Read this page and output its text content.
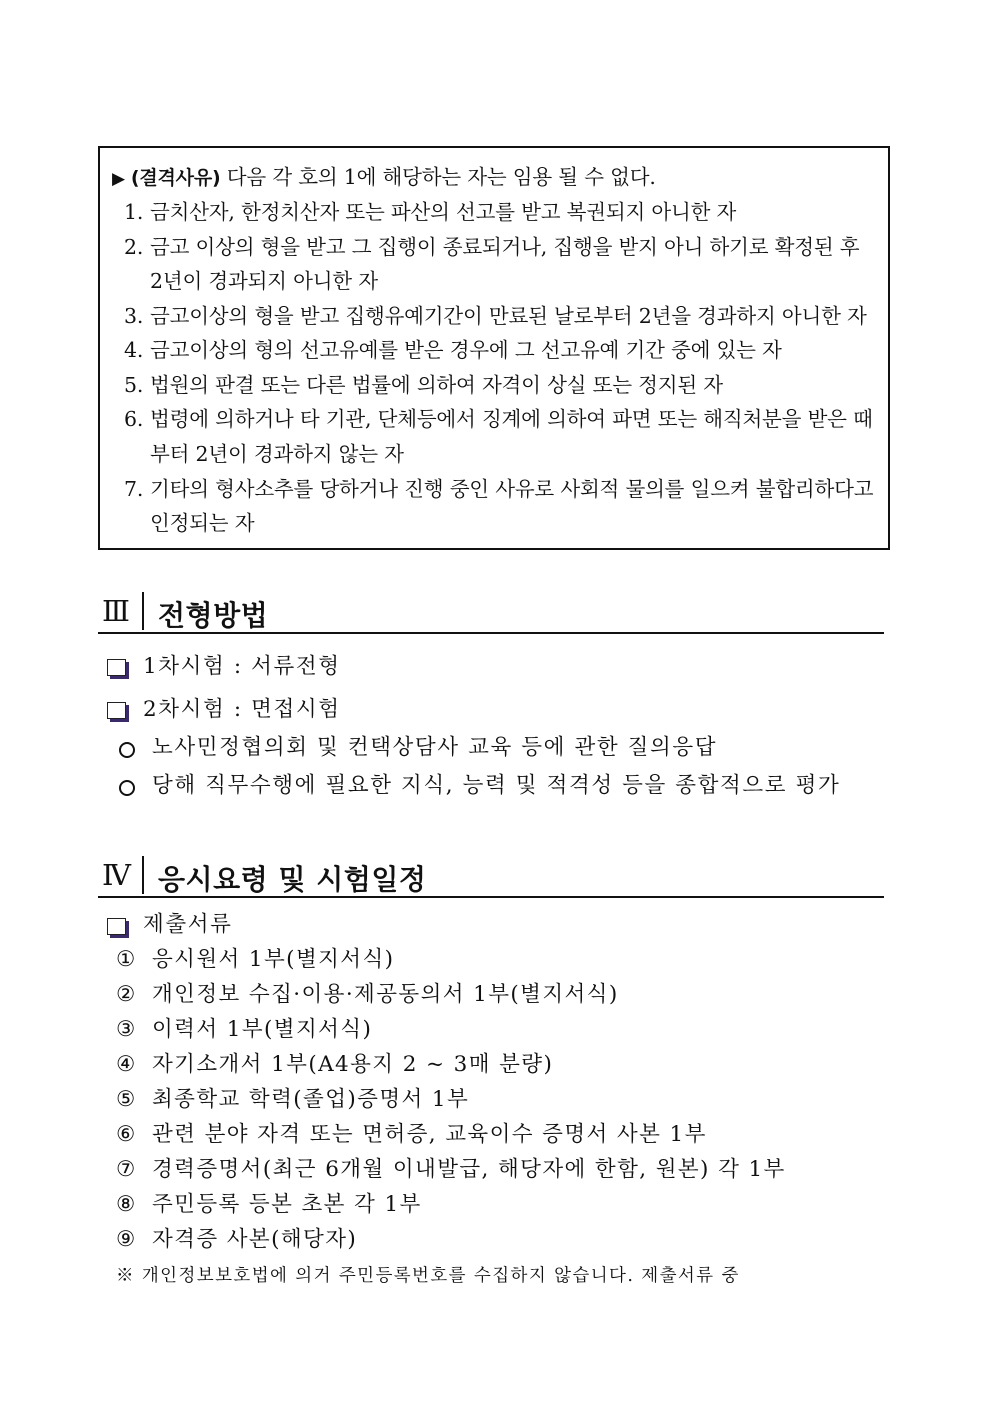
▶ (결격사유) 다음 각 호의 1에 해당하는 자는 임용 될 수 없다.
1. 금치산자, 한정치산자 또는 파산의 선고를 받고 복권되지 아니한 자
2. 금고 이상의 형을 받고 그 집행이 종료되거나, 집행을 받지 아니 하기로 확정된 후
2년이 경과되지 아니한 자
3. 금고이상의 형을 받고 집행유예기간이 만료된 날로부터 2년을 경과하지 아니한 자
4. 금고이상의 형의 선고유예를 받은 경우에 그 선고유예 기간 중에 있는 자
5. 법원의 판결 또는 다른 법률에 의하여 자격이 상실 또는 정지된 자
6. 법령에 의하거나 타 기관, 단체등에서 징계에 의하여 파면 또는 해직처분을 받은 때
부터 2년이 경과하지 않는 자
7. 기타의 형사소추를 당하거나 진행 중인 사유로 사회적 물의를 일으켜 불합리하다고
인정되는 자
Ⅲ 전형방법
1차시험 : 서류전형
2차시험 : 면접시험
노사민정협의회 및 컨택상담사 교육 등에 관한 질의응답
당해 직무수행에 필요한 지식, 능력 및 적격성 등을 종합적으로 평가
Ⅳ 응시요령 및 시험일정
제출서류
① 응시원서 1부(별지서식)
② 개인정보 수집·이용·제공동의서 1부(별지서식)
③ 이력서 1부(별지서식)
④ 자기소개서 1부(A4용지 2 ~ 3매 분량)
⑤ 최종학교 학력(졸업)증명서 1부
⑥ 관련 분야 자격 또는 면허증, 교육이수 증명서 사본 1부
⑦ 경력증명서(최근 6개월 이내발급, 해당자에 한함, 원본) 각 1부
⑧ 주민등록 등본 초본 각 1부
⑨ 자격증 사본(해당자)
※ 개인정보보호법에 의거 주민등록번호를 수집하지 않습니다. 제출서류 중
